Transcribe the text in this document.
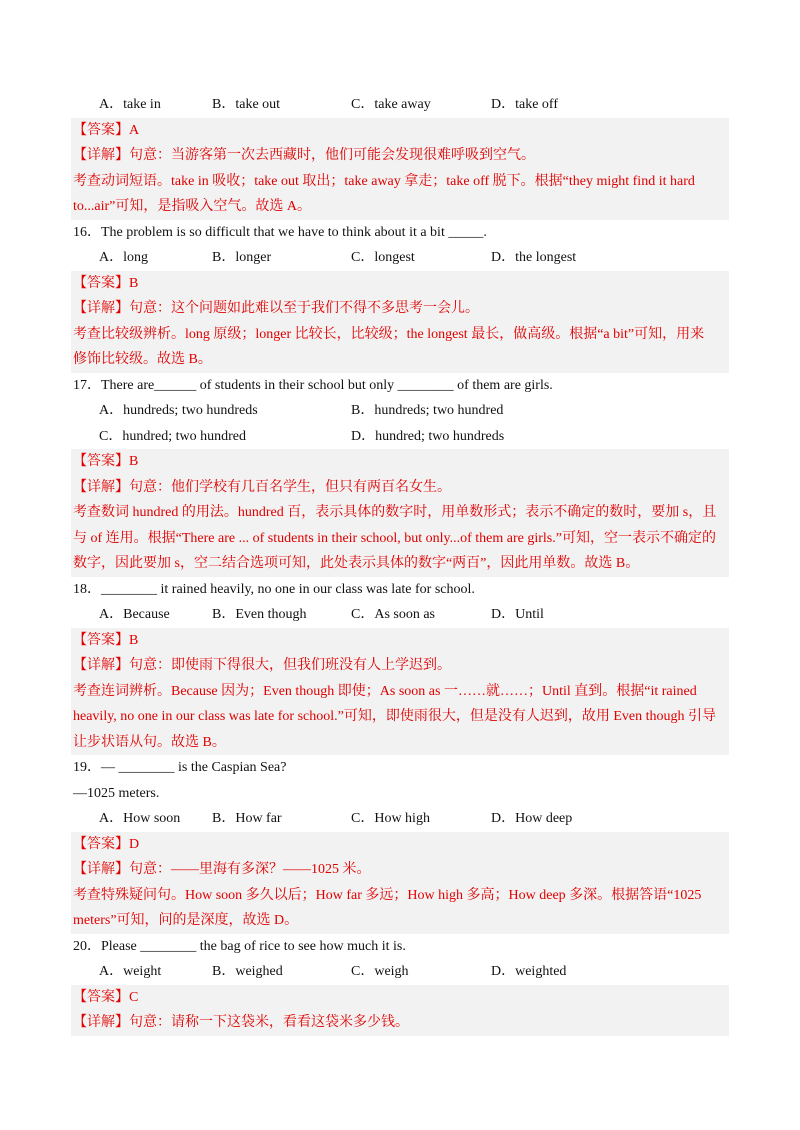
A．take in	B．take out	C．take away	D．take off
【答案】A
【详解】句意：当游客第一次去西藏时，他们可能会发现很难呼吸到空气。
考查动词短语。take in 吸收；take out 取出；take away 拿走；take off 脱下。根据“they might find it hard
to...air”可知，是指吸入空气。故选 A。
16．The problem is so difficult that we have to think about it a bit _____.
A．long	B．longer	C．longest	D．the longest
【答案】B
【详解】句意：这个问题如此难以至于我们不得不多思考一会儿。
考查比较级辨析。long 原级；longer 比较长，比较级；the longest 最长，做高级。根据“a bit”可知，用来
修饰比较级。故选 B。
17．There are______ of students in their school but only ________ of them are girls.
A．hundreds; two hundreds	B．hundreds; two hundred
C．hundred; two hundred	D．hundred; two hundreds
【答案】B
【详解】句意：他们学校有几百名学生，但只有两百名女生。
考查数词 hundred 的用法。hundred 百，表示具体的数字时，用单数形式；表示不确定的数时，要加 s，且
与 of 连用。根据“There are ... of students in their school, but only...of them are girls.”可知，空一表示不确定的
数字，因此要加 s，空二结合选项可知，此处表示具体的数字“两百”，因此用单数。故选 B。
18．________ it rained heavily, no one in our class was late for school.
A．Because	B．Even though	C．As soon as	D．Until
【答案】B
【详解】句意：即使雨下得很大，但我们班没有人上学迟到。
考查连词辨析。Because 因为；Even though 即使；As soon as 一……就……；Until 直到。根据“it rained
heavily, no one in our class was late for school.”可知，即使雨很大，但是没有人迟到，故用 Even though 引导
让步状语从句。故选 B。
19．— ________ is the Caspian Sea?
—1025 meters.
A．How soon B．How far	C．How high	D．How deep
【答案】D
【详解】句意：——里海有多深？——1025 米。
考查特殊疑问句。How soon 多久以后；How far 多远；How high 多高；How deep 多深。根据答语“1025
meters”可知，问的是深度，故选 D。
20．Please ________ the bag of rice to see how much it is.
A．weight	B．weighed	C．weigh	D．weighted
【答案】C
【详解】句意：请称一下这袋米，看看这袋米多少钱。
